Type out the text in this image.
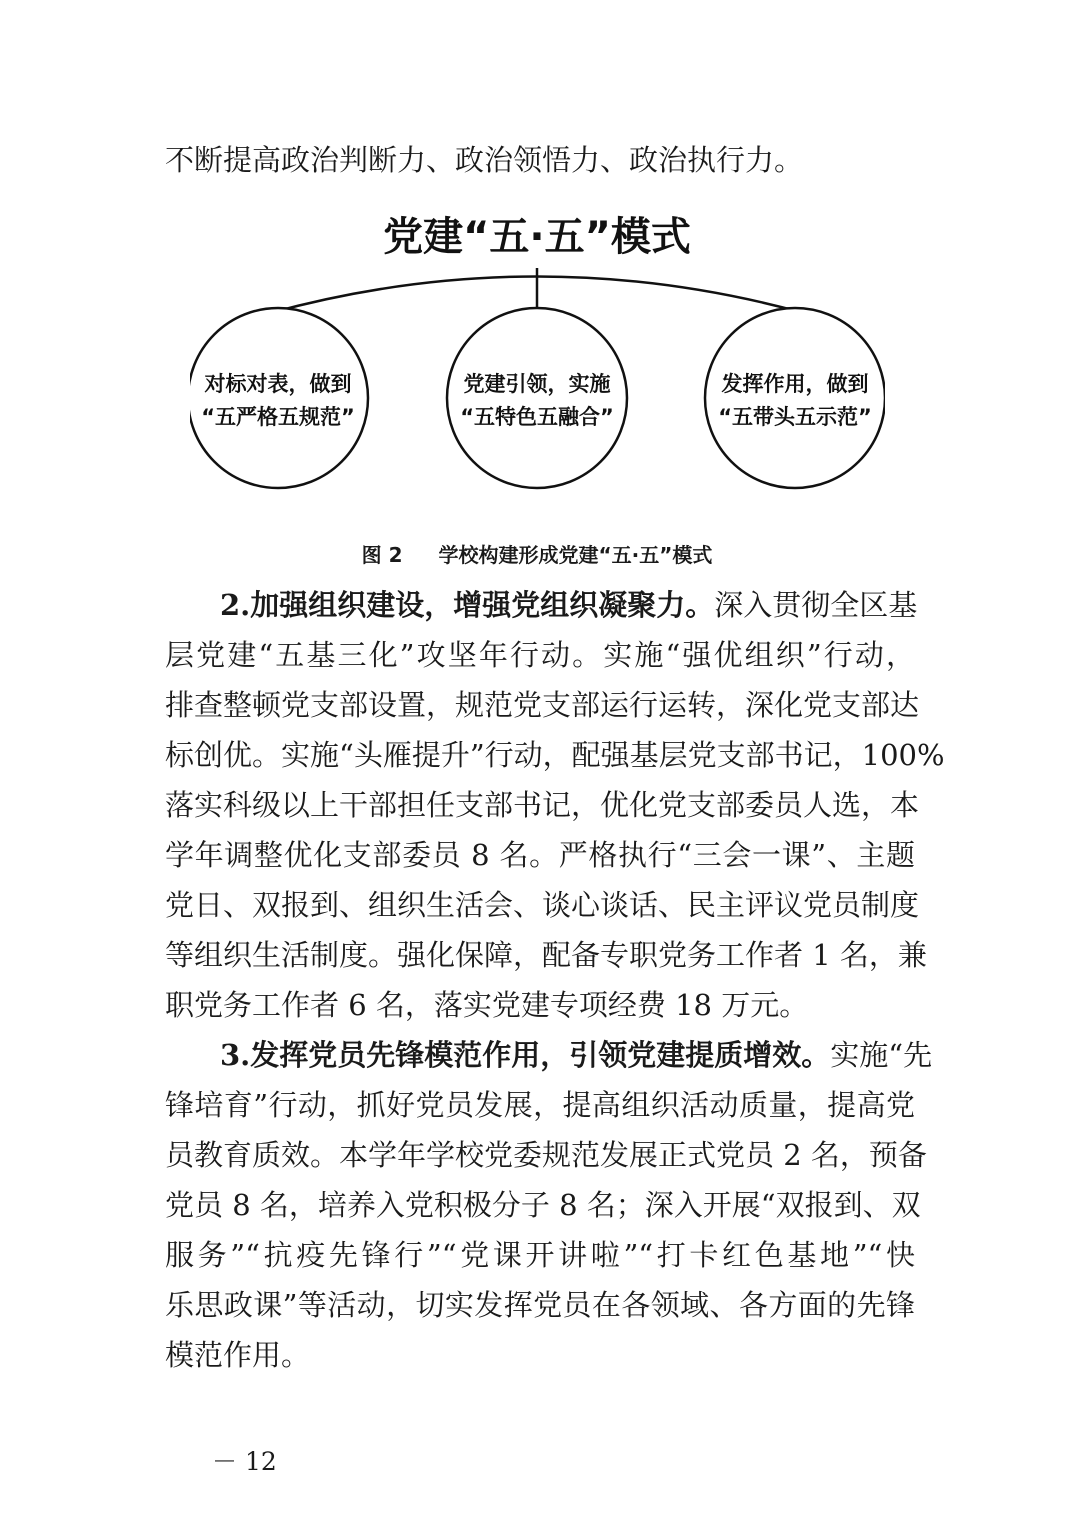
不断提高政治判断力、政治领悟力、政治执行力。
党建“五·五”模式
对标对表，做到
“五严格五规范”
党建引领，实施
“五特色五融合”
发挥作用，做到
“五带头五示范”
图 2 学校构建形成党建“五·五”模式
2.加强组织建设，增强党组织凝聚力。深入贯彻全区基
层党建“五基三化”攻坚年行动。实施“强优组织”行动，
排查整顿党支部设置，规范党支部运行运转，深化党支部达
标创优。实施“头雁提升”行动，配强基层党支部书记，100%
落实科级以上干部担任支部书记，优化党支部委员人选，本
学年调整优化支部委员 8 名。严格执行“三会一课”、主题
党日、双报到、组织生活会、谈心谈话、民主评议党员制度
等组织生活制度。强化保障，配备专职党务工作者 1 名，兼
职党务工作者 6 名，落实党建专项经费 18 万元。
3.发挥党员先锋模范作用，引领党建提质增效。实施“先
锋培育”行动，抓好党员发展，提高组织活动质量，提高党
员教育质效。本学年学校党委规范发展正式党员 2 名，预备
党员 8 名，培养入党积极分子 8 名；深入开展“双报到、双
服务”“抗疫先锋行”“党课开讲啦”“打卡红色基地”“快
乐思政课”等活动，切实发挥党员在各领域、各方面的先锋
模范作用。
－ 12
